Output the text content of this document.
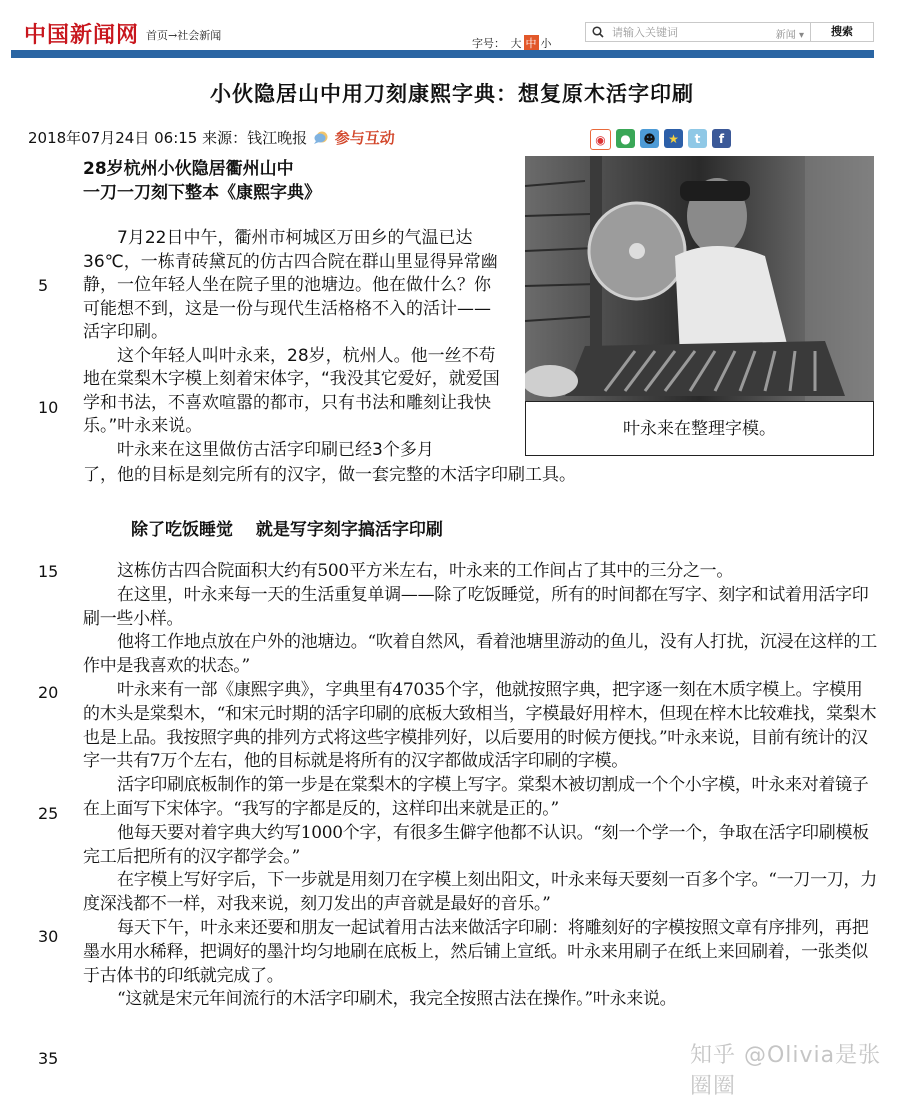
中国新闻网 首页→社会新闻
字号： 大 中 小
请输入关键词
新闻 ▾	搜索
小伙隐居山中用刀刻康熙字典：想复原木活字印刷
2018年07月24日 06:15 来源：钱江晚报 参与互动	◉	●	☻	★	t	f
28岁杭州小伙隐居衢州山中
一刀一刀刻下整本《康熙字典》

7月22日中午，衢州市柯城区万田乡的气温已达36℃，一栋青砖黛瓦的仿古四合院在群山里显得异常幽静，一位年轻人坐在院子里的池塘边。他在做什么？你可能想不到，这是一份与现代生活格格不入的活计——活字印刷。

这个年轻人叫叶永来，28岁，杭州人。他一丝不苟地在棠梨木字模上刻着宋体字，“我没其它爱好，就爱国学和书法，不喜欢喧嚣的都市，只有书法和雕刻让我快乐。”叶永来说。

叶永来在这里做仿古活字印刷已经3个多月

了，他的目标是刻完所有的汉字，做一套完整的木活字印刷工具。
叶永来在整理字模。
除了吃饭睡觉　 就是写字刻字搞活字印刷

这栋仿古四合院面积大约有500平方米左右，叶永来的工作间占了其中的三分之一。

在这里，叶永来每一天的生活重复单调——除了吃饭睡觉，所有的时间都在写字、刻字和试着用活字印刷一些小样。

他将工作地点放在户外的池塘边。“吹着自然风，看着池塘里游动的鱼儿，没有人打扰，沉浸在这样的工作中是我喜欢的状态。”

叶永来有一部《康熙字典》，字典里有47035个字，他就按照字典，把字逐一刻在木质字模上。字模用的木头是棠梨木，“和宋元时期的活字印刷的底板大致相当，字模最好用梓木，但现在梓木比较难找，棠梨木也是上品。我按照字典的排列方式将这些字模排列好，以后要用的时候方便找。”叶永来说，目前有统计的汉字一共有7万个左右，他的目标就是将所有的汉字都做成活字印刷的字模。

活字印刷底板制作的第一步是在棠梨木的字模上写字。棠梨木被切割成一个个小字模，叶永来对着镜子在上面写下宋体字。“我写的字都是反的，这样印出来就是正的。”

他每天要对着字典大约写1000个字，有很多生僻字他都不认识。“刻一个学一个，争取在活字印刷模板完工后把所有的汉字都学会。”

在字模上写好字后，下一步就是用刻刀在字模上刻出阳文，叶永来每天要刻一百多个字。“一刀一刀，力度深浅都不一样，对我来说，刻刀发出的声音就是最好的音乐。”

每天下午，叶永来还要和朋友一起试着用古法来做活字印刷：将雕刻好的字模按照文章有序排列，再把墨水用水稀释，把调好的墨汁均匀地刷在底板上，然后铺上宣纸。叶永来用刷子在纸上来回刷着，一张类似于古体书的印纸就完成了。

“这就是宋元年间流行的木活字印刷术，我完全按照古法在操作。”叶永来说。

5
10
15
20
25
30
35	知乎 @Olivia是张圈圈
